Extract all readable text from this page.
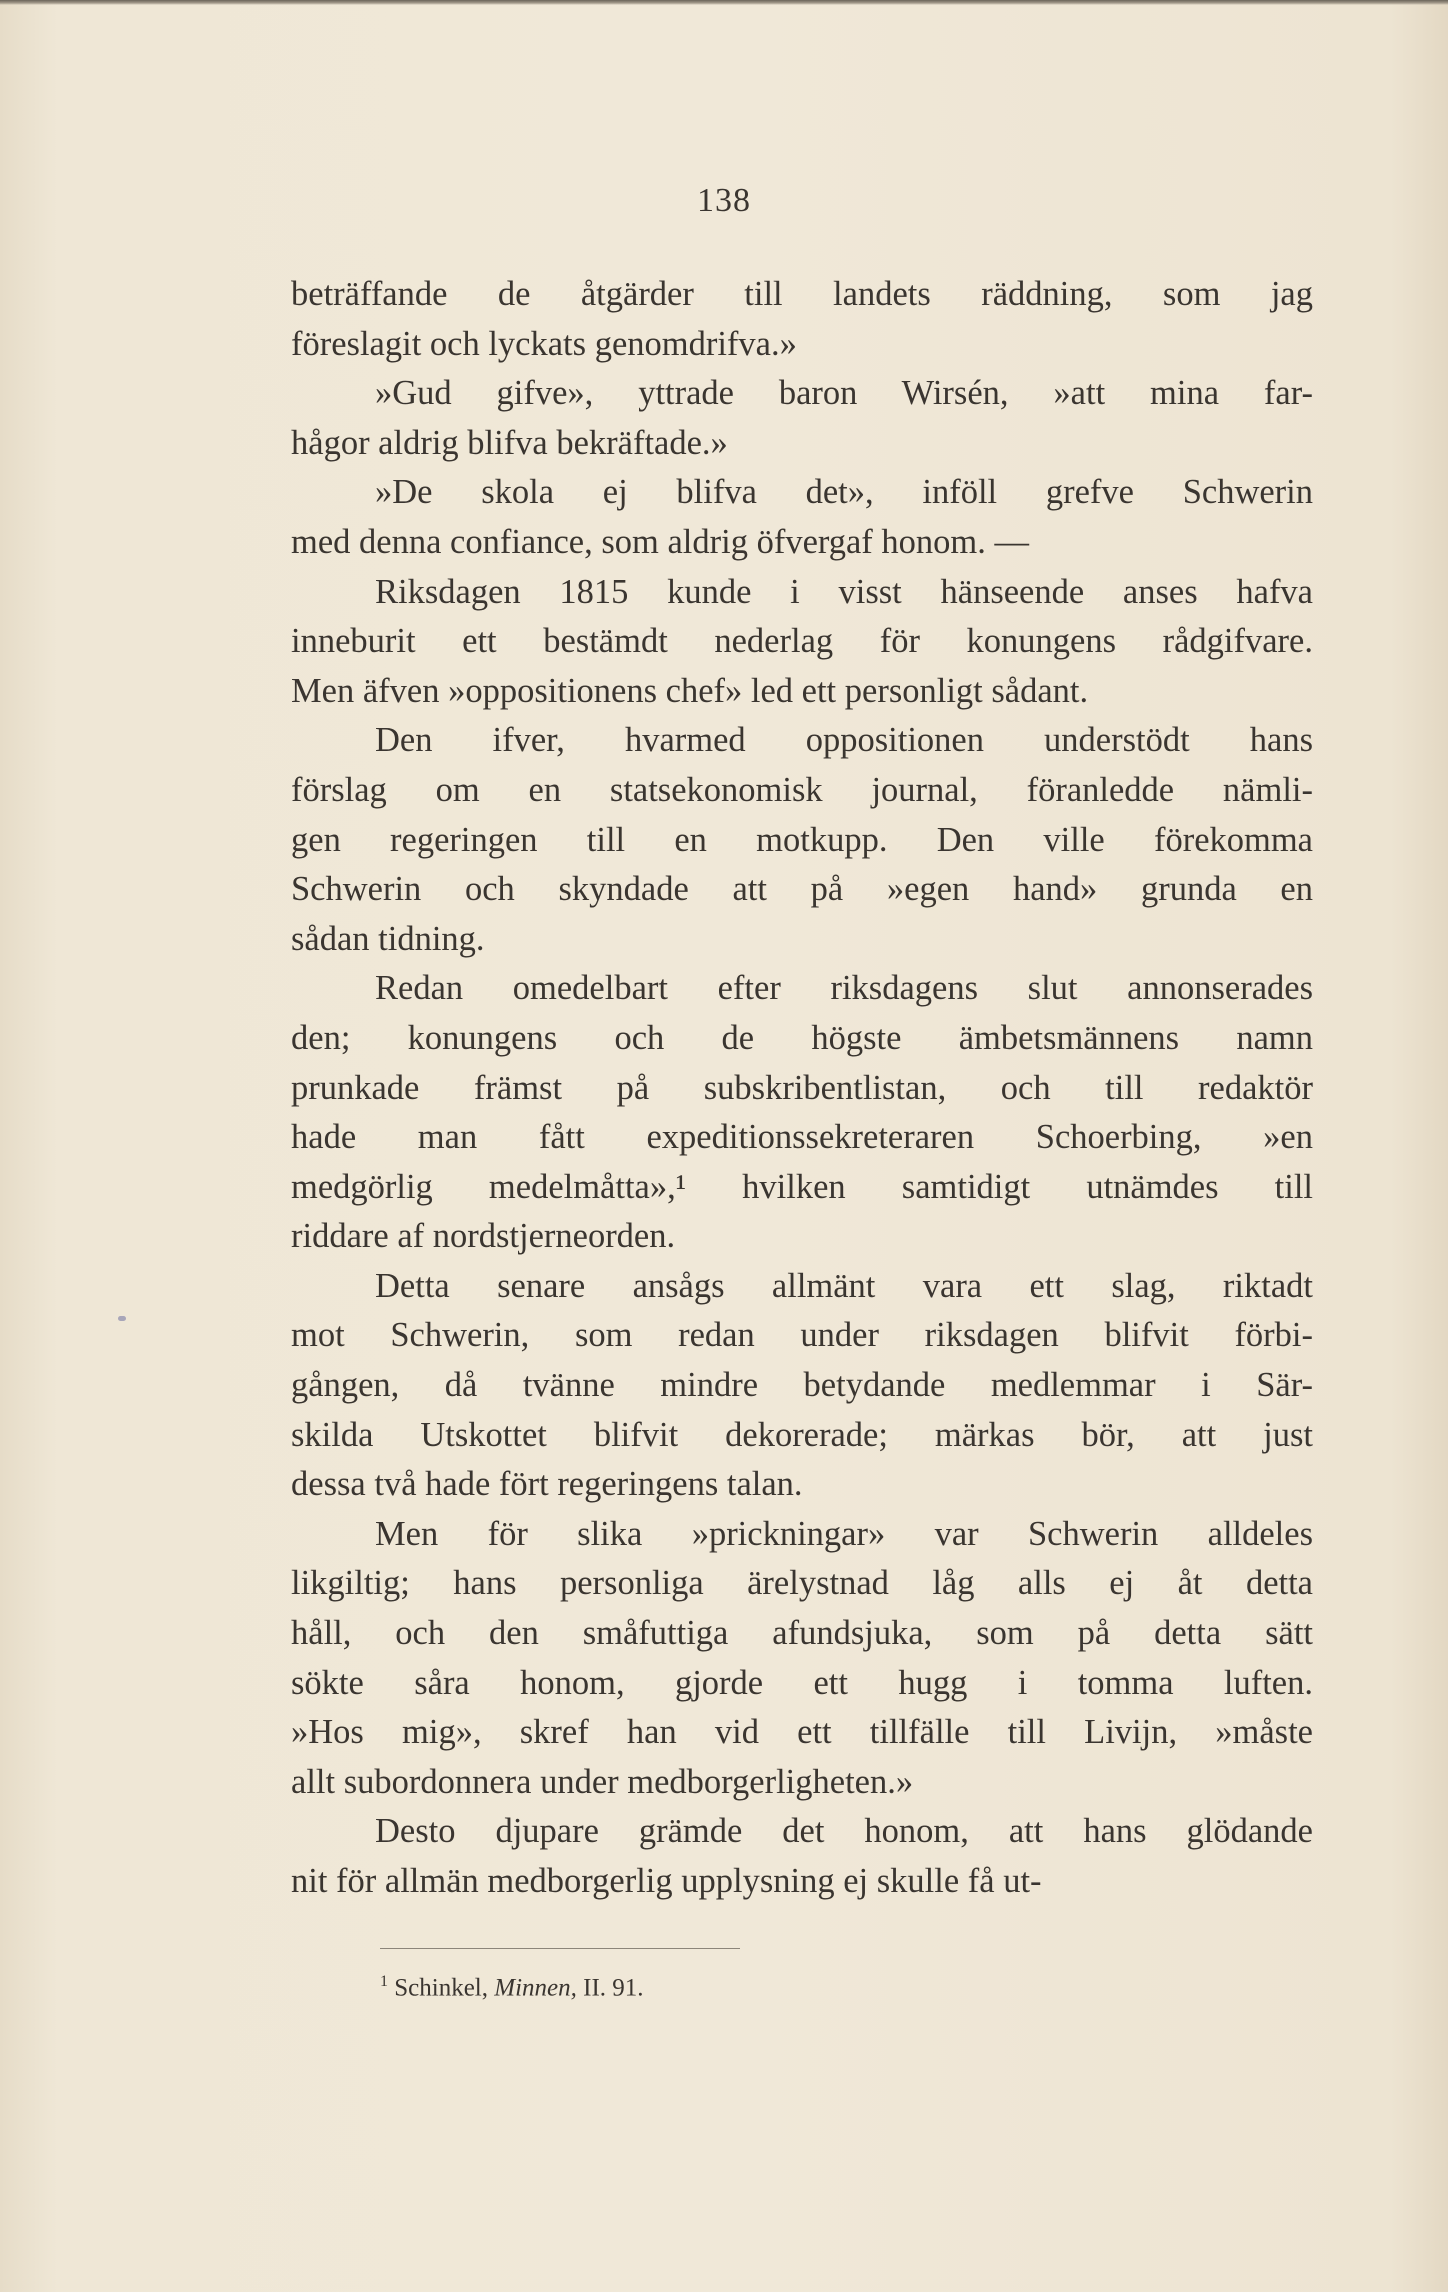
138

beträffande de åtgärder till landets räddning, som jag

föreslagit och lyckats genomdrifva.»

»Gud gifve», yttrade baron Wirsén, »att mina far-

hågor aldrig blifva bekräftade.»

»De skola ej blifva det», inföll grefve Schwerin

med denna confiance, som aldrig öfvergaf honom. —

Riksdagen 1815 kunde i visst hänseende anses hafva

inneburit ett bestämdt nederlag för konungens rådgifvare.

Men äfven »oppositionens chef» led ett personligt sådant.

Den ifver, hvarmed oppositionen understödt hans

förslag om en statsekonomisk journal, föranledde nämli-

gen regeringen till en motkupp. Den ville förekomma

Schwerin och skyndade att på »egen hand» grunda en

sådan tidning.

Redan omedelbart efter riksdagens slut annonserades

den; konungens och de högste ämbetsmännens namn

prunkade främst på subskribentlistan, och till redaktör

hade man fått expeditionssekreteraren Schoerbing, »en

medgörlig medelmåtta»,¹ hvilken samtidigt utnämdes till

riddare af nordstjerneorden.

Detta senare ansågs allmänt vara ett slag, riktadt

mot Schwerin, som redan under riksdagen blifvit förbi-

gången, då tvänne mindre betydande medlemmar i Sär-

skilda Utskottet blifvit dekorerade; märkas bör, att just

dessa två hade fört regeringens talan.

Men för slika »prickningar» var Schwerin alldeles

likgiltig; hans personliga ärelystnad låg alls ej åt detta

håll, och den småfuttiga afundsjuka, som på detta sätt

sökte såra honom, gjorde ett hugg i tomma luften.

»Hos mig», skref han vid ett tillfälle till Livijn, »måste

allt subordonnera under medborgerligheten.»

Desto djupare grämde det honom, att hans glödande

nit för allmän medborgerlig upplysning ej skulle få ut-

$^1$ Schinkel, Minnen, II. 91.
